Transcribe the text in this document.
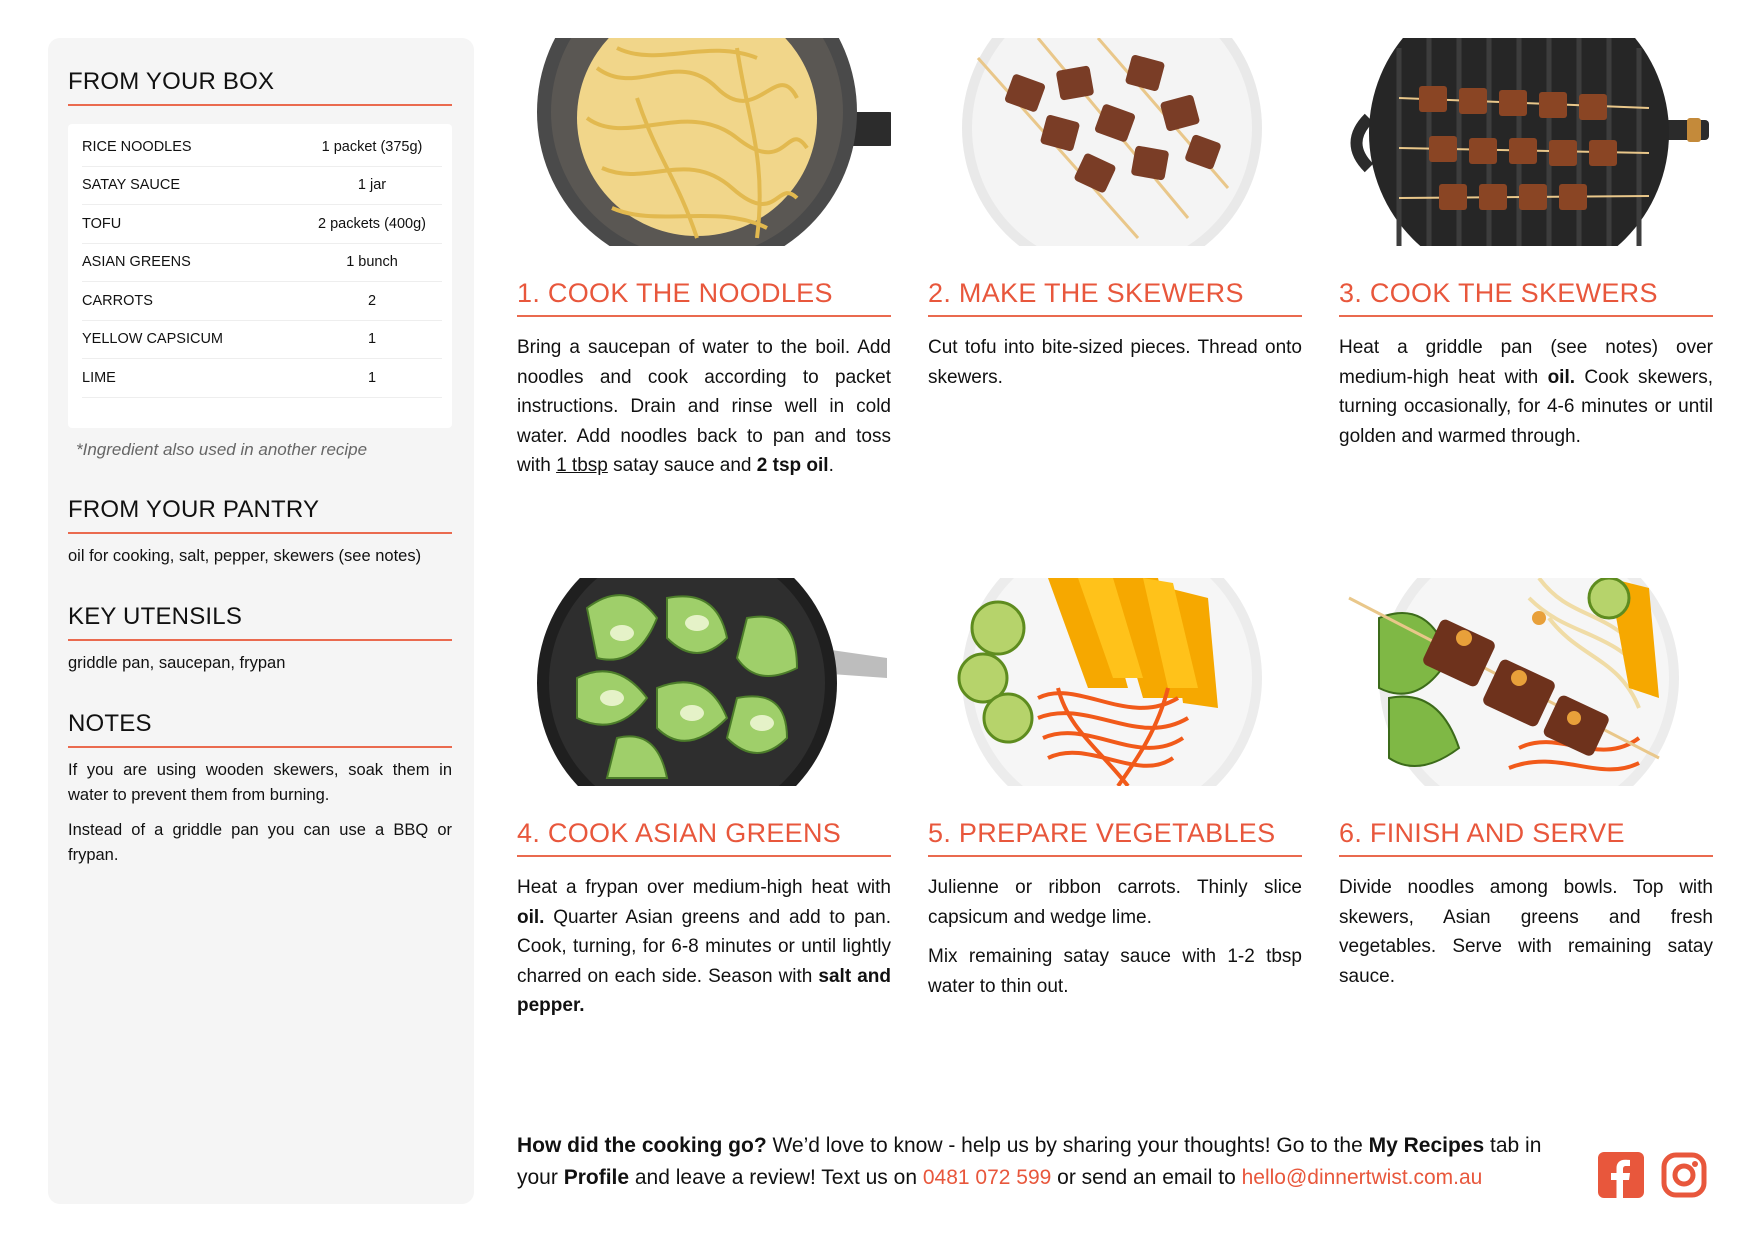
FROM YOUR BOX
RICE NOODLES	1 packet (375g)
SATAY SAUCE	1 jar
TOFU	2 packets (400g)
ASIAN GREENS	1 bunch
CARROTS	2
YELLOW CAPSICUM	1
LIME	1
*Ingredient also used in another recipe
FROM YOUR PANTRY
oil for cooking, salt, pepper, skewers (see notes)
KEY UTENSILS
griddle pan, saucepan, frypan
NOTES
If you are using wooden skewers, soak them in water to prevent them from burning.
Instead of a griddle pan you can use a BBQ or frypan.
1. COOK THE NOODLES
Bring a saucepan of water to the boil. Add noodles and cook according to packet instructions. Drain and rinse well in cold water. Add noodles back to pan and toss with 1 tbsp satay sauce and 2 tsp oil.
2. MAKE THE SKEWERS
Cut tofu into bite-sized pieces. Thread onto skewers.
3. COOK THE SKEWERS
Heat a griddle pan (see notes) over medium-high heat with oil. Cook skewers, turning occasionally, for 4-6 minutes or until golden and warmed through.
4. COOK ASIAN GREENS
Heat a frypan over medium-high heat with oil. Quarter Asian greens and add to pan. Cook, turning, for 6-8 minutes or until lightly charred on each side. Season with salt and pepper.
5. PREPARE VEGETABLES

Julienne or ribbon carrots. Thinly slice capsicum and wedge lime.

Mix remaining satay sauce with 1-2 tbsp water to thin out.

6. FINISH AND SERVE
Divide noodles among bowls. Top with skewers, Asian greens and fresh vegetables. Serve with remaining satay sauce.
How did the cooking go? We’d love to know - help us by sharing your thoughts! Go to the My Recipes tab in your Profile and leave a review! Text us on 0481 072 599 or send an email to hello@dinnertwist.com.au
